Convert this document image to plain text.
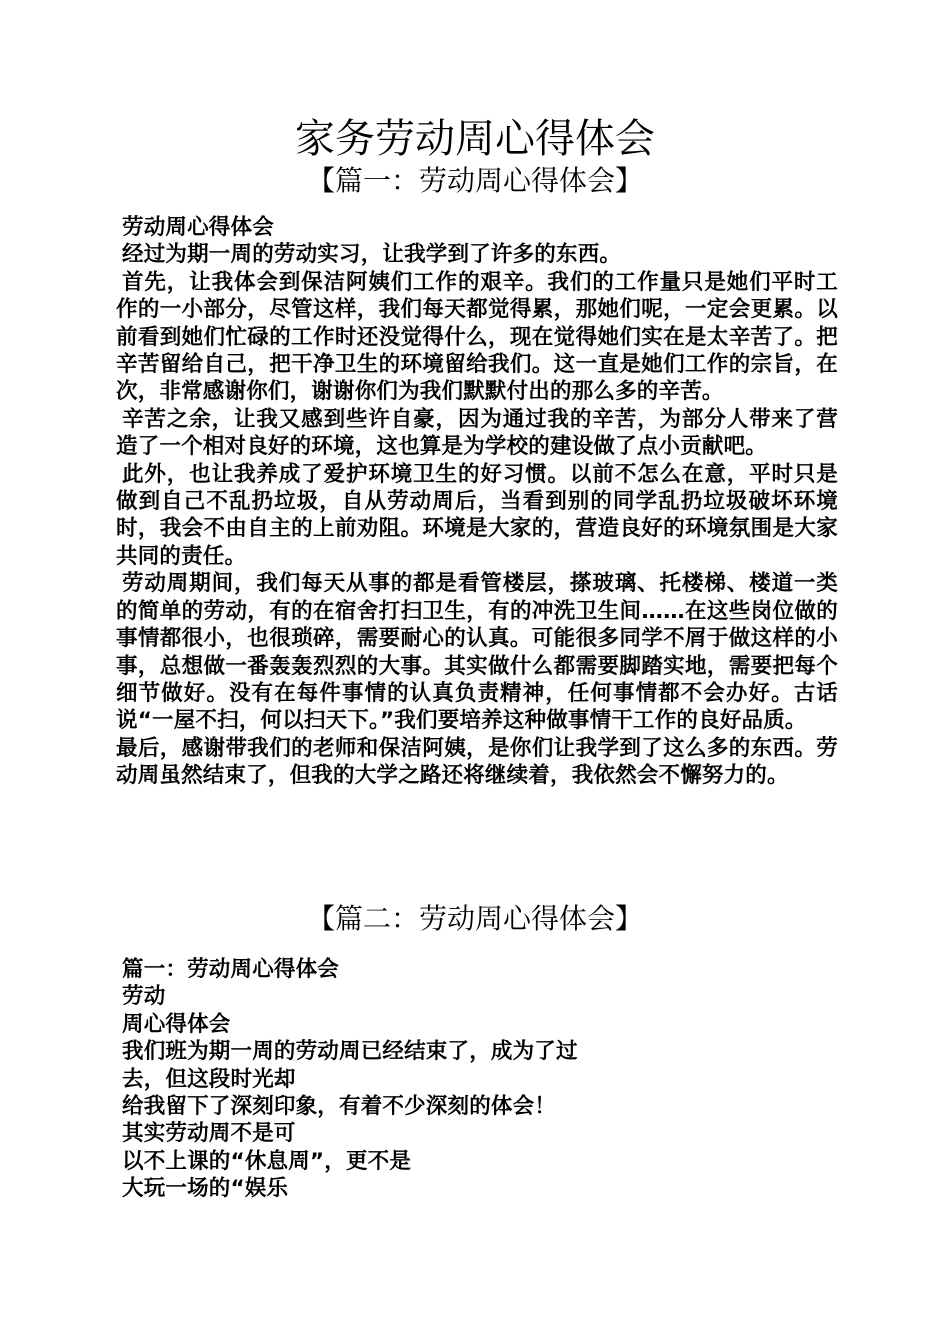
家务劳动周心得体会
【篇一：劳动周心得体会】

劳动周心得体会

经过为期一周的劳动实习，让我学到了许多的东西。

首先，让我体会到保洁阿姨们工作的艰辛。我们的工作量只是她们平时工作的一小部分，尽管这样，我们每天都觉得累，那她们呢，一定会更累。以前看到她们忙碌的工作时还没觉得什么，现在觉得她们实在是太辛苦了。把辛苦留给自己，把干净卫生的环境留给我们。这一直是她们工作的宗旨，在次，非常感谢你们，谢谢你们为我们默默付出的那么多的辛苦。

辛苦之余，让我又感到些许自豪，因为通过我的辛苦，为部分人带来了营造了一个相对良好的环境，这也算是为学校的建设做了点小贡献吧。

此外，也让我养成了爱护环境卫生的好习惯。以前不怎么在意，平时只是做到自己不乱扔垃圾，自从劳动周后，当看到别的同学乱扔垃圾破坏环境时，我会不由自主的上前劝阻。环境是大家的，营造良好的环境氛围是大家共同的责任。

劳动周期间，我们每天从事的都是看管楼层，搽玻璃、托楼梯、楼道一类的简单的劳动，有的在宿舍打扫卫生，有的冲洗卫生间……在这些岗位做的事情都很小，也很琐碎，需要耐心的认真。可能很多同学不屑于做这样的小事，总想做一番轰轰烈烈的大事。其实做什么都需要脚踏实地，需要把每个细节做好。没有在每件事情的认真负责精神，任何事情都不会办好。古话说“一屋不扫，何以扫天下。”我们要培养这种做事情干工作的良好品质。

最后，感谢带我们的老师和保洁阿姨，是你们让我学到了这么多的东西。劳动周虽然结束了，但我的大学之路还将继续着，我依然会不懈努力的。

【篇二：劳动周心得体会】

篇一：劳动周心得体会

劳动

周心得体会

我们班为期一周的劳动周已经结束了，成为了过

去，但这段时光却

给我留下了深刻印象，有着不少深刻的体会！

其实劳动周不是可

以不上课的“休息周”，更不是

大玩一场的“娱乐
